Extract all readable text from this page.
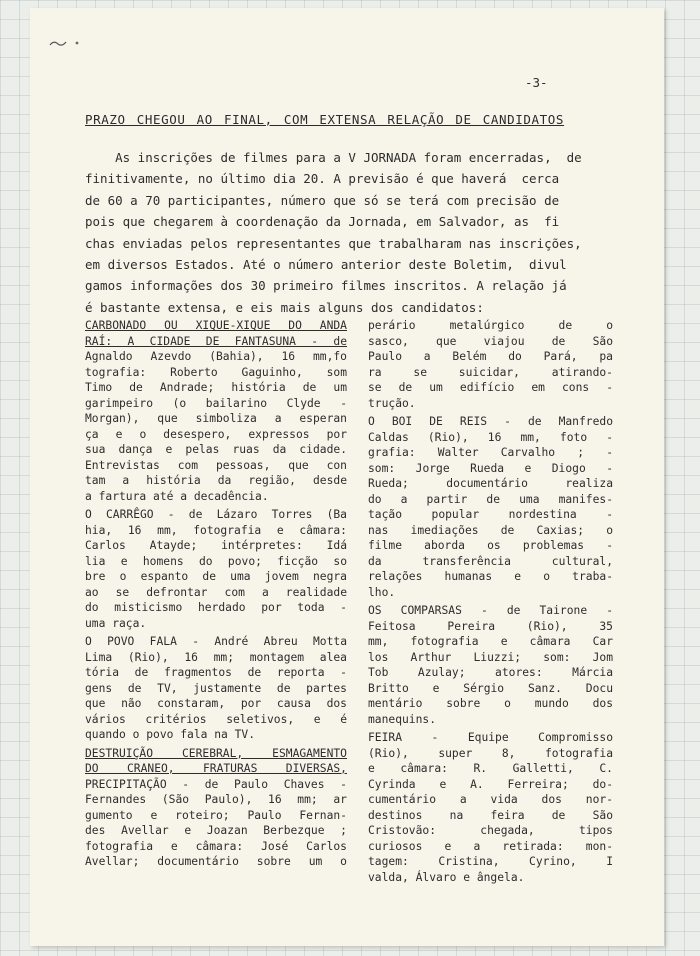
-3-
PRAZO CHEGOU AO FINAL, COM EXTENSA RELAÇÃO DE CANDIDATOS
As inscrições de filmes para a V JORNADA foram encerradas,  de
finitivamente, no último dia 20. A previsão é que haverá  cerca
de 60 a 70 participantes, número que só se terá com precisão de
pois que chegarem à coordenação da Jornada, em Salvador, as  fi
chas enviadas pelos representantes que trabalharam nas inscrições,
em diversos Estados. Até o número anterior deste Boletim,  divul
gamos informações dos 30 primeiro filmes inscritos. A relação já
é bastante extensa, e eis mais alguns dos candidatos:
CARBONADO OU XIQUE-XIQUE DO ANDA
RAÍ: A CIDADE DE FANTASUNA - de
Agnaldo Azevdo (Bahia), 16 mm,fo
tografia: Roberto Gaguinho, som
Timo de Andrade; história de um
garimpeiro (o bailarino Clyde -
Morgan), que simboliza a esperan
ça e o desespero, expressos por
sua dança e pelas ruas da cidade.
Entrevistas com pessoas, que con
tam a história da região, desde
a fartura até a decadência.
O CARRÊGO - de Lázaro Torres (Ba
hia, 16 mm, fotografia e câmara:
Carlos Atayde; intérpretes: Idá
lia e homens do povo; ficção so
bre o espanto de uma jovem negra
ao se defrontar com a realidade
do misticismo herdado por toda -
uma raça.
O POVO FALA - André Abreu Motta
Lima (Rio), 16 mm; montagem alea
tória de fragmentos de reporta -
gens de TV, justamente de partes
que não constaram, por causa dos
vários critérios seletivos, e é
quando o povo fala na TV.
DESTRUIÇÃO CEREBRAL, ESMAGAMENTO
DO CRANEO, FRATURAS DIVERSAS,
PRECIPITAÇÃO - de Paulo Chaves -
Fernandes (São Paulo), 16 mm; ar
gumento e roteiro; Paulo Fernan-
des Avellar e Joazan Berbezque ;
fotografia e câmara: José Carlos
Avellar; documentário sobre um o
perário metalúrgico de o
sasco, que viajou de São
Paulo a Belém do Pará, pa
ra se suicidar, atirando-
se de um edifício em cons -
trução.
O BOI DE REIS - de Manfredo
Caldas (Rio), 16 mm, foto -
grafia: Walter Carvalho ; -
som: Jorge Rueda e Diogo -
Rueda; documentário realiza
do a partir de uma manifes-
tação popular nordestina -
nas imediações de Caxias; o
filme aborda os problemas -
da transferência cultural,
relações humanas e o traba-
lho.
OS COMPARSAS - de Tairone -
Feitosa Pereira (Rio), 35
mm, fotografia e câmara Car
los Arthur Liuzzi; som: Jom
Tob Azulay; atores: Márcia
Britto e Sérgio Sanz. Docu
mentário sobre o mundo dos
manequins.
FEIRA - Equipe Compromisso
(Rio), super 8, fotografia
e câmara: R. Galletti, C.
Cyrinda e A. Ferreira; do-
cumentário a vida dos nor-
destinos na feira de São
Cristovão: chegada, tipos
curiosos e a retirada: mon-
tagem: Cristina, Cyrino, I
valda, Álvaro e ângela.
